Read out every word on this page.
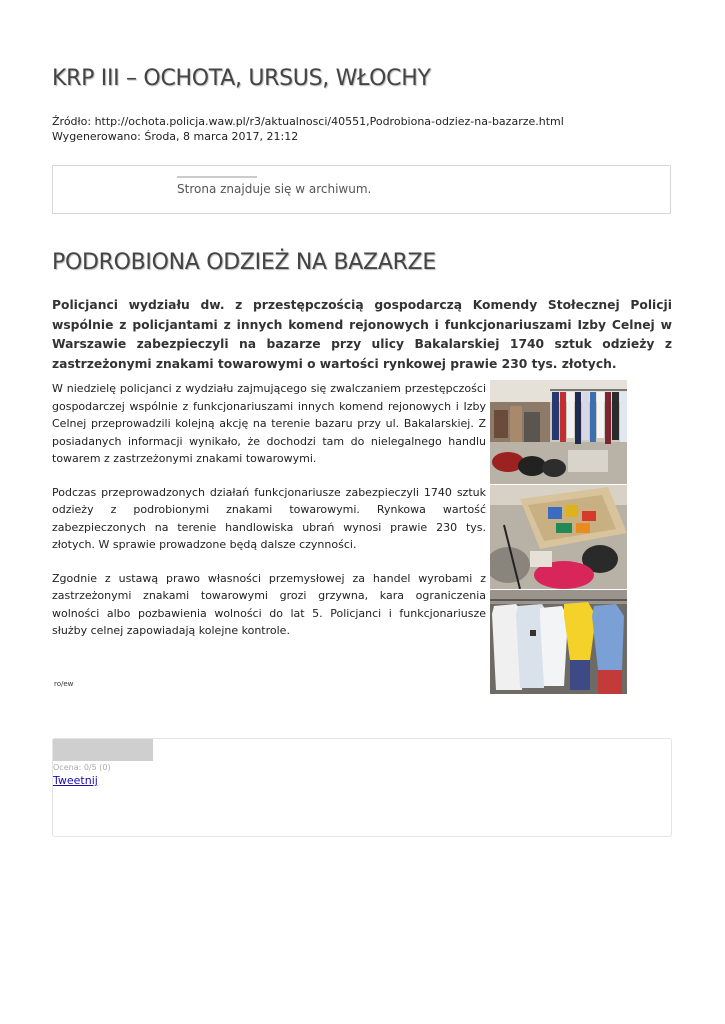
KRP III – OCHOTA, URSUS, WŁOCHY
Źródło: http://ochota.policja.waw.pl/r3/aktualnosci/40551,Podrobiona-odziez-na-bazarze.html
Wygenerowano: Środa, 8 marca 2017, 21:12
Strona znajduje się w archiwum.
PODROBIONA ODZIEŻ NA BAZARZE

Policjanci wydziału dw. z przestępczością gospodarczą Komendy Stołecznej Policji wspólnie z policjantami z innych komend rejonowych i funkcjonariuszami Izby Celnej w Warszawie zabezpieczyli na bazarze przy ulicy Bakalarskiej 1740 sztuk odzieży z zastrzeżonymi znakami towarowymi o wartości rynkowej prawie 230 tys. złotych.

W niedzielę policjanci z wydziału zajmującego się zwalczaniem przestępczości gospodarczej wspólnie z funkcjonariuszami innych komend rejonowych i Izby Celnej przeprowadzili kolejną akcję na terenie bazaru przy ul. Bakalarskiej. Z posiadanych informacji wynikało, że dochodzi tam do nielegalnego handlu towarem z zastrzeżonymi znakami towarowymi.

Podczas przeprowadzonych działań funkcjonariusze zabezpieczyli 1740 sztuk odzieży z podrobionymi znakami towarowymi. Rynkowa wartość zabezpieczonych na terenie handlowiska ubrań wynosi prawie 230 tys. złotych. W sprawie prowadzone będą dalsze czynności.

Zgodnie z ustawą prawo własności przemysłowej za handel wyrobami z zastrzeżonymi znakami towarowymi grozi grzywna, kara ograniczenia wolności albo pozbawienia wolności do lat 5. Policjanci i funkcjonariusze służby celnej zapowiadają kolejne kontrole.

ro/ew
Ocena: 0/5 (0)
Tweetnij
